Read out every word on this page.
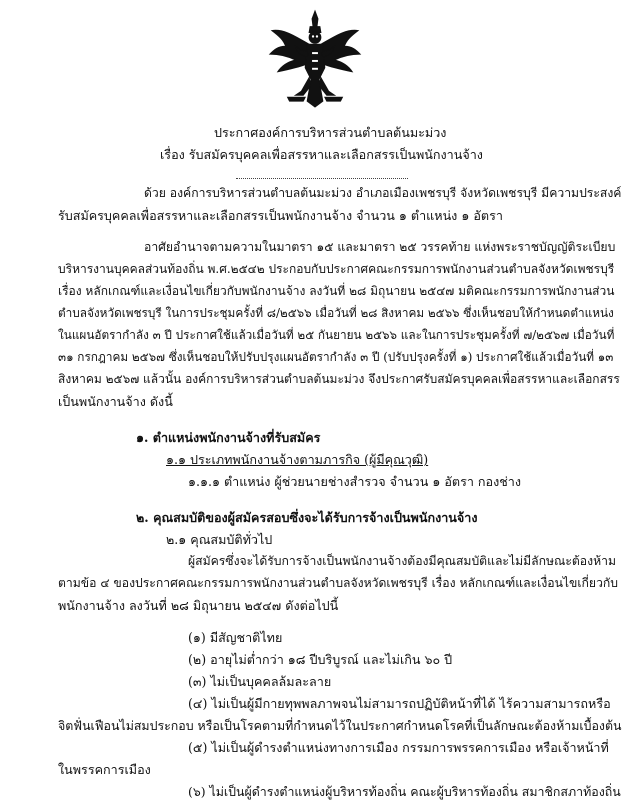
ประกาศองค์การบริหารส่วนตำบลต้นมะม่วง
เรื่อง รับสมัครบุคคลเพื่อสรรหาและเลือกสรรเป็นพนักงานจ้าง
ด้วย องค์การบริหารส่วนตำบลต้นมะม่วง อำเภอเมืองเพชรบุรี จังหวัดเพชรบุรี มีความประสงค์
รับสมัครบุคคลเพื่อสรรหาและเลือกสรรเป็นพนักงานจ้าง จำนวน ๑ ตำแหน่ง ๑ อัตรา
อาศัยอำนาจตามความในมาตรา ๑๕ และมาตรา ๒๕ วรรคท้าย แห่งพระราชบัญญัติระเบียบ
บริหารงานบุคคลส่วนท้องถิ่น พ.ศ.๒๕๔๒ ประกอบกับประกาศคณะกรรมการพนักงานส่วนตำบลจังหวัดเพชรบุรี
เรื่อง หลักเกณฑ์และเงื่อนไขเกี่ยวกับพนักงานจ้าง ลงวันที่ ๒๘ มิถุนายน ๒๕๔๗ มติคณะกรรมการพนักงานส่วน
ตำบลจังหวัดเพชรบุรี ในการประชุมครั้งที่ ๘/๒๕๖๖ เมื่อวันที่ ๒๘ สิงหาคม ๒๕๖๖ ซึ่งเห็นชอบให้กำหนดตำแหน่ง
ในแผนอัตรากำลัง ๓ ปี ประกาศใช้แล้วเมื่อวันที่ ๒๕ กันยายน ๒๕๖๖ และในการประชุมครั้งที่ ๗/๒๕๖๗ เมื่อวันที่
๓๑ กรกฎาคม ๒๕๖๗ ซึ่งเห็นชอบให้ปรับปรุงแผนอัตรากำลัง ๓ ปี (ปรับปรุงครั้งที่ ๑) ประกาศใช้แล้วเมื่อวันที่ ๑๓
สิงหาคม ๒๕๖๗ แล้วนั้น องค์การบริหารส่วนตำบลต้นมะม่วง จึงประกาศรับสมัครบุคคลเพื่อสรรหาและเลือกสรร
เป็นพนักงานจ้าง ดังนี้
๑. ตำแหน่งพนักงานจ้างที่รับสมัคร
๑.๑ ประเภทพนักงานจ้างตามภารกิจ (ผู้มีคุณวุฒิ)
๑.๑.๑ ตำแหน่ง ผู้ช่วยนายช่างสำรวจ จำนวน ๑ อัตรา กองช่าง
๒. คุณสมบัติของผู้สมัครสอบซึ่งจะได้รับการจ้างเป็นพนักงานจ้าง
๒.๑ คุณสมบัติทั่วไป
ผู้สมัครซึ่งจะได้รับการจ้างเป็นพนักงานจ้างต้องมีคุณสมบัติและไม่มีลักษณะต้องห้าม
ตามข้อ ๔ ของประกาศคณะกรรมการพนักงานส่วนตำบลจังหวัดเพชรบุรี เรื่อง หลักเกณฑ์และเงื่อนไขเกี่ยวกับ
พนักงานจ้าง ลงวันที่ ๒๘ มิถุนายน ๒๕๔๗ ดังต่อไปนี้
(๑) มีสัญชาติไทย
(๒) อายุไม่ต่ำกว่า ๑๘ ปีบริบูรณ์ และไม่เกิน ๖๐ ปี
(๓) ไม่เป็นบุคคลล้มละลาย
(๔) ไม่เป็นผู้มีกายทุพพลภาพจนไม่สามารถปฏิบัติหน้าที่ได้ ไร้ความสามารถหรือ
จิตฟั่นเฟือนไม่สมประกอบ หรือเป็นโรคตามที่กำหนดไว้ในประกาศกำหนดโรคที่เป็นลักษณะต้องห้ามเบื้องต้น
(๕) ไม่เป็นผู้ดำรงตำแหน่งทางการเมือง กรรมการพรรคการเมือง หรือเจ้าหน้าที่
ในพรรคการเมือง
(๖) ไม่เป็นผู้ดำรงตำแหน่งผู้บริหารท้องถิ่น คณะผู้บริหารท้องถิ่น สมาชิกสภาท้องถิ่น
